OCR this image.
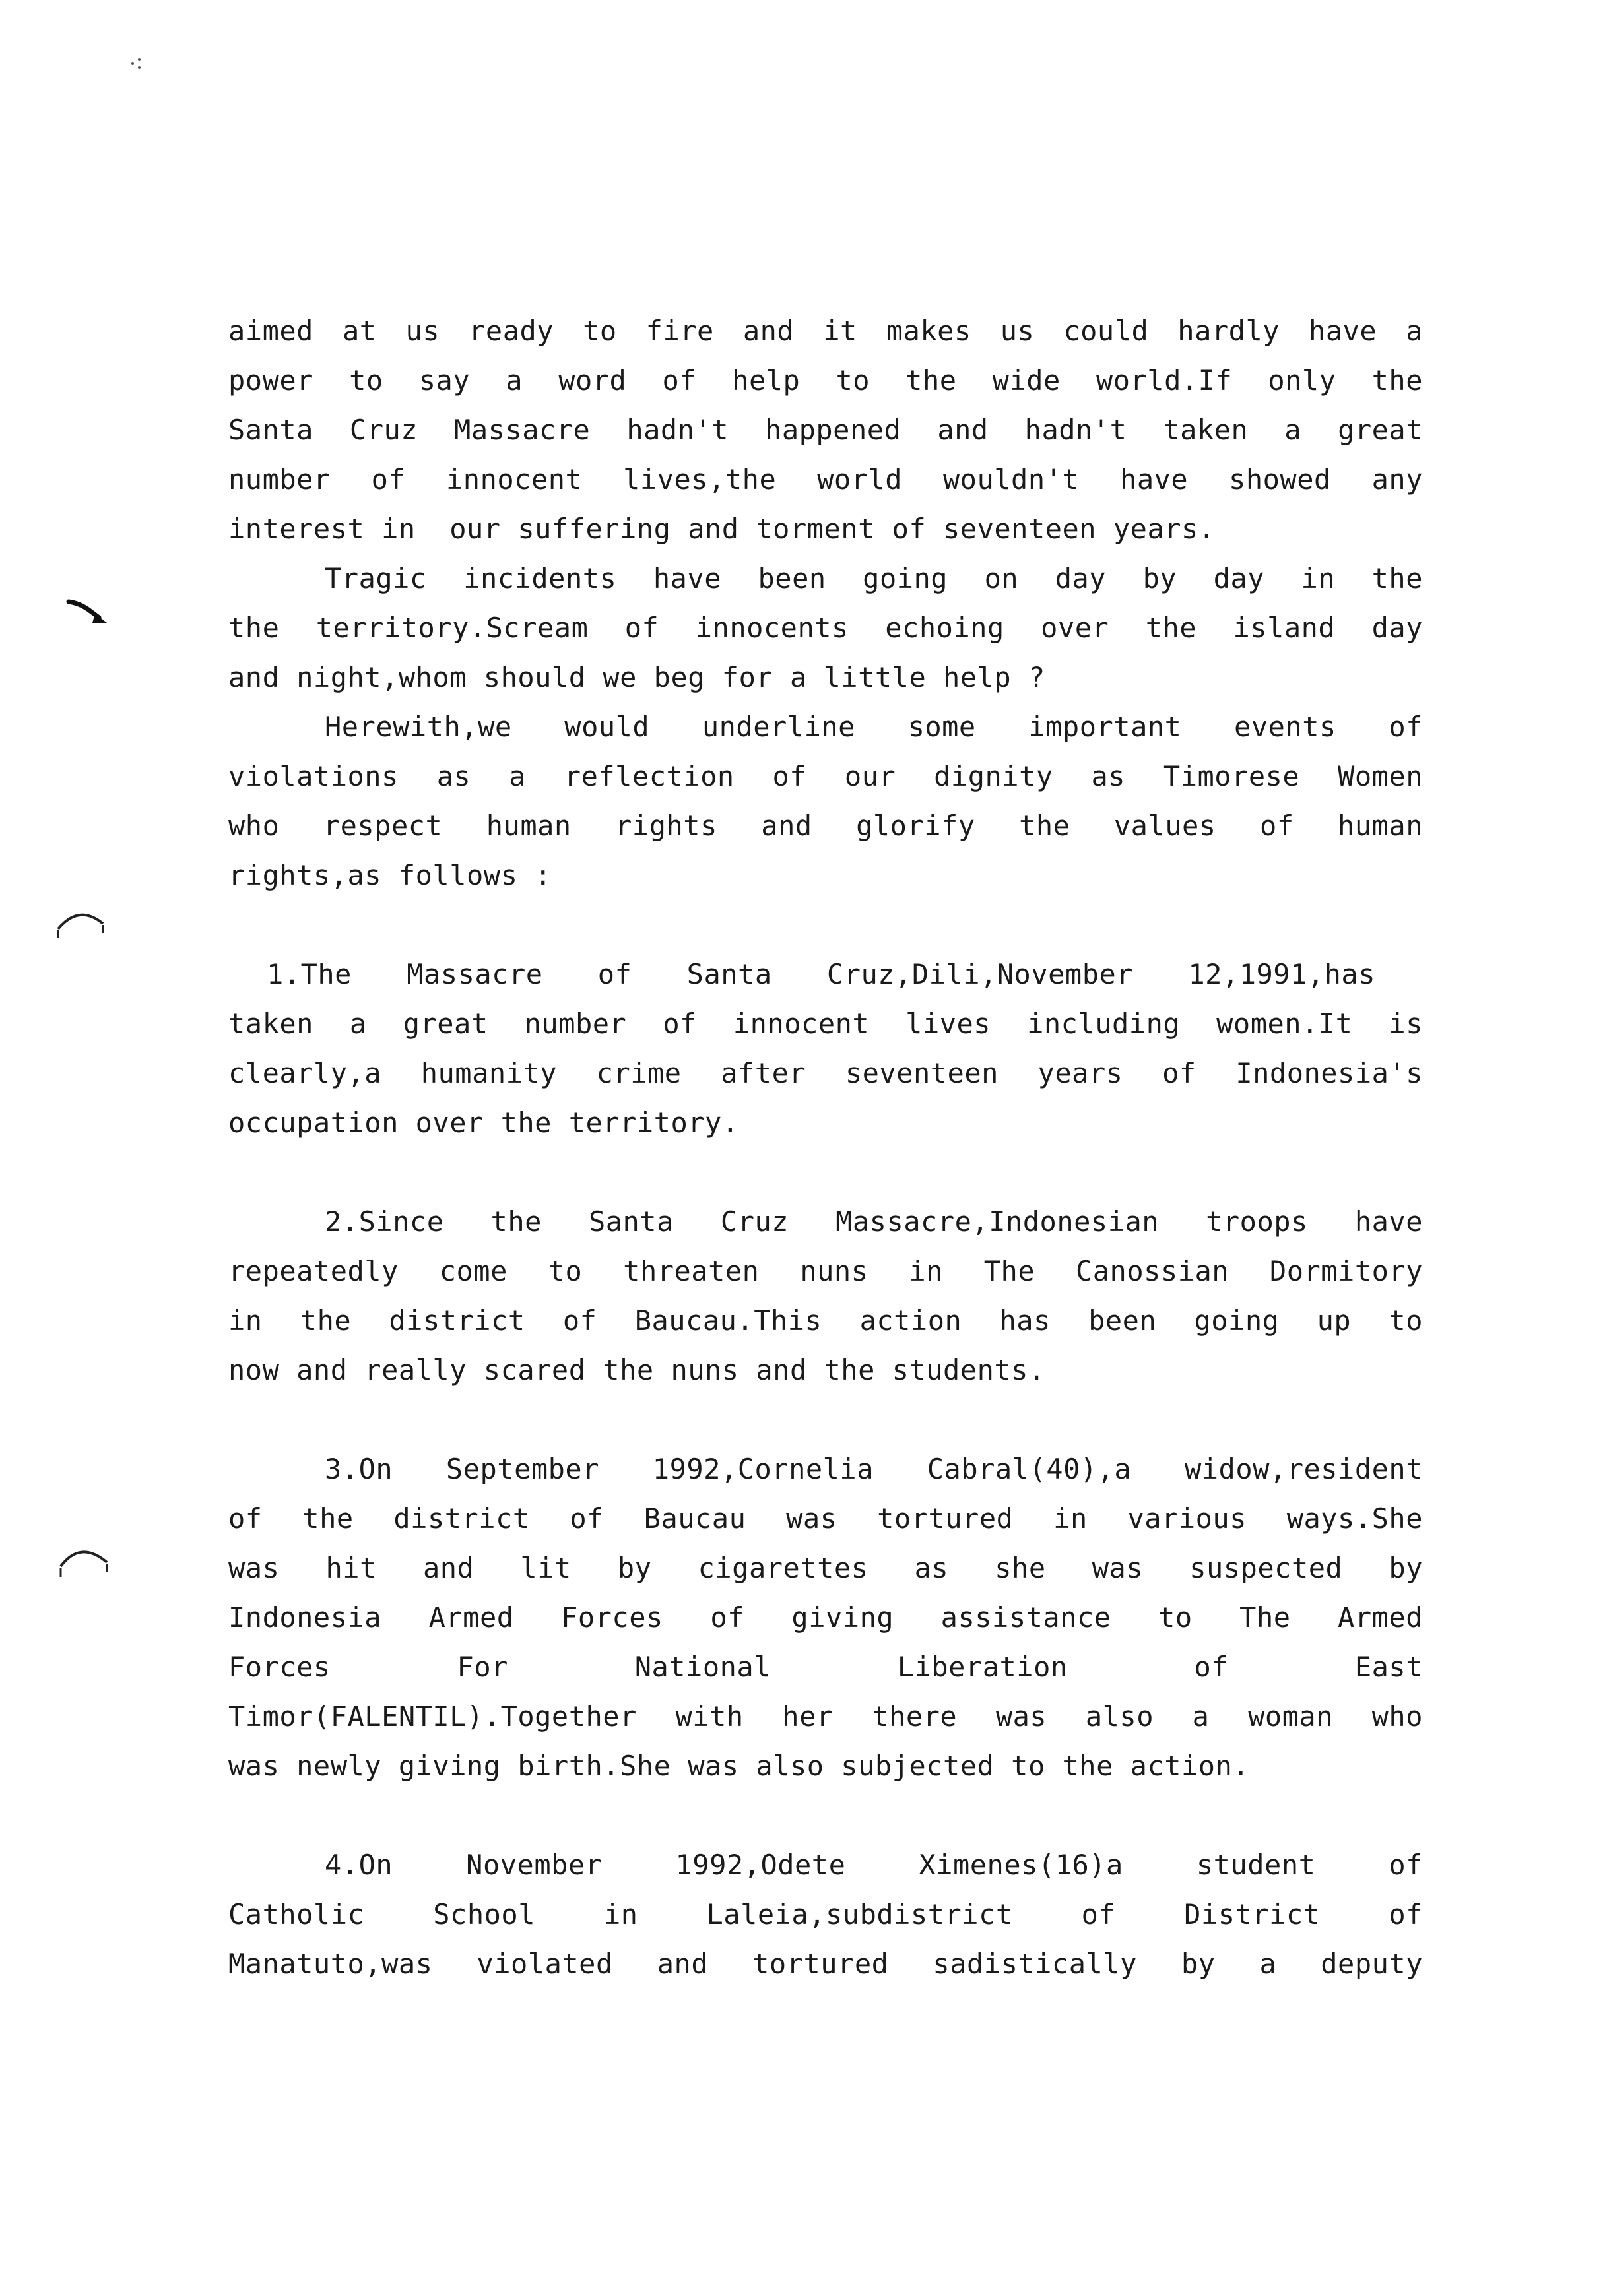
aimed at us ready to fire and it makes us could hardly have a
power to say a word of help to the wide world.If only the
Santa Cruz Massacre hadn't happened and hadn't taken a great
number of innocent lives,the world wouldn't have showed any
interest in  our suffering and torment of seventeen years.
Tragic incidents have been going on day by day in the
the territory.Scream of innocents echoing over the island day
and night,whom should we beg for a little help ?
Herewith,we would underline some important events of
violations as a reflection of our dignity as Timorese Women
who respect human rights and glorify the values of human
rights,as follows :
1.The Massacre of Santa Cruz,Dili,November 12,1991,has
taken a great number of innocent lives including women.It is
clearly,a humanity crime after seventeen years of Indonesia's
occupation over the territory.
2.Since the Santa Cruz Massacre,Indonesian troops have
repeatedly come to threaten nuns in The Canossian Dormitory
in the district of Baucau.This action has been going up to
now and really scared the nuns and the students.
3.On September 1992,Cornelia Cabral(40),a widow,resident
of the district of Baucau was tortured in various ways.She
was hit and lit by cigarettes as she was suspected by
Indonesia Armed Forces of giving assistance to The Armed
Forces For National Liberation of East
Timor(FALENTIL).Together with her there was also a woman who
was newly giving birth.She was also subjected to the action.
4.On November 1992,Odete Ximenes(16)a student of
Catholic School in Laleia,subdistrict of District of
Manatuto,was violated and tortured sadistically by a deputy
